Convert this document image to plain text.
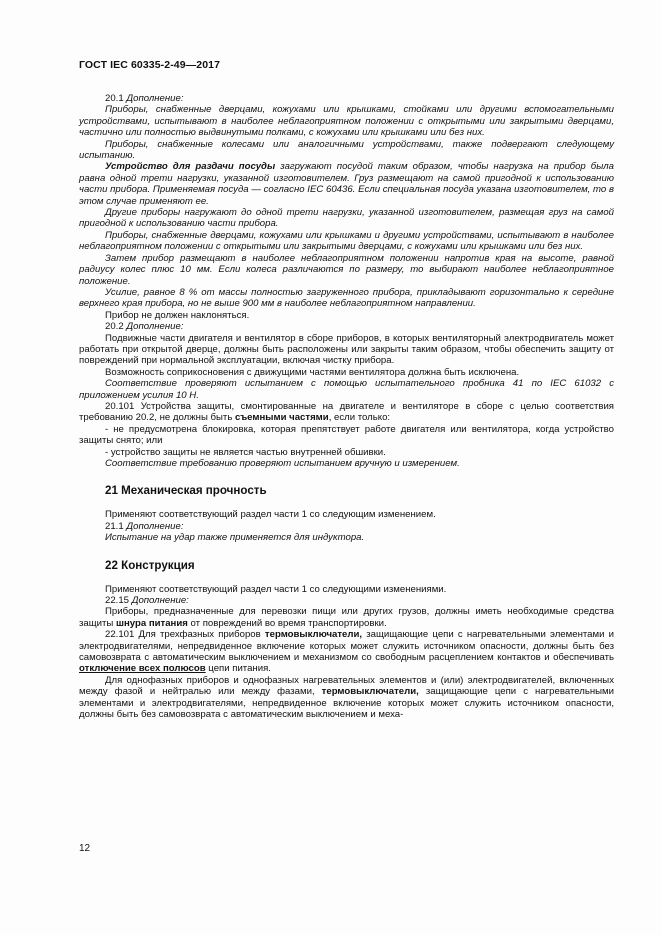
ГОСТ IEC 60335-2-49—2017

20.1 Дополнение:

Приборы, снабженные дверцами, кожухами или крышками, стойками или другими вспомогательными устройствами, испытывают в наиболее неблагоприятном положении с открытыми или закрытыми дверцами, частично или полностью выдвинутыми полками, с кожухами или крышками или без них.

Приборы, снабженные колесами или аналогичными устройствами, также подвергают следующему испытанию.

Устройство для раздачи посуды загружают посудой таким образом, чтобы нагрузка на прибор была равна одной трети нагрузки, указанной изготовителем. Груз размещают на самой пригодной к использованию части прибора. Применяемая посуда — согласно IEC 60436. Если специальная посуда указана изготовителем, то в этом случае применяют ее.

Другие приборы нагружают до одной трети нагрузки, указанной изготовителем, размещая груз на самой пригодной к использованию части прибора.

Приборы, снабженные дверцами, кожухами или крышками и другими устройствами, испытывают в наиболее неблагоприятном положении с открытыми или закрытыми дверцами, с кожухами или крышками или без них.

Затем прибор размещают в наиболее неблагоприятном положении напротив края на высоте, равной радиусу колес плюс 10 мм. Если колеса различаются по размеру, то выбирают наиболее неблагоприятное положение.

Усилие, равное 8 % от массы полностью загруженного прибора, прикладывают горизонтально к середине верхнего края прибора, но не выше 900 мм в наиболее неблагоприятном направлении.

Прибор не должен наклоняться.

20.2 Дополнение:

Подвижные части двигателя и вентилятор в сборе приборов, в которых вентиляторный электродвигатель может работать при открытой дверце, должны быть расположены или закрыты таким образом, чтобы обеспечить защиту от повреждений при нормальной эксплуатации, включая чистку прибора.

Возможность соприкосновения с движущими частями вентилятора должна быть исключена.

Соответствие проверяют испытанием с помощью испытательного пробника 41 по IEC 61032 с приложением усилия 10 Н.

20.101 Устройства защиты, смонтированные на двигателе и вентиляторе в сборе с целью соответствия требованию 20.2, не должны быть съемными частями, если только:

- не предусмотрена блокировка, которая препятствует работе двигателя или вентилятора, когда устройство защиты снято; или

- устройство защиты не является частью внутренней обшивки.

Соответствие требованию проверяют испытанием вручную и измерением.

21 Механическая прочность

Применяют соответствующий раздел части 1 со следующим изменением.

21.1 Дополнение:

Испытание на удар также применяется для индуктора.

22 Конструкция

Применяют соответствующий раздел части 1 со следующими изменениями.

22.15 Дополнение:

Приборы, предназначенные для перевозки пищи или других грузов, должны иметь необходимые средства защиты шнура питания от повреждений во время транспортировки.

22.101 Для трехфазных приборов термовыключатели, защищающие цепи с нагревательными элементами и электродвигателями, непредвиденное включение которых может служить источником опасности, должны быть без самовозврата с автоматическим выключением и механизмом со свободным расцеплением контактов и обеспечивать отключение всех полюсов цепи питания.

Для однофазных приборов и однофазных нагревательных элементов и (или) электродвигателей, включенных между фазой и нейтралью или между фазами, термовыключатели, защищающие цепи с нагревательными элементами и электродвигателями, непредвиденное включение которых может служить источником опасности, должны быть без самовозврата с автоматическим выключением и меха-

12
